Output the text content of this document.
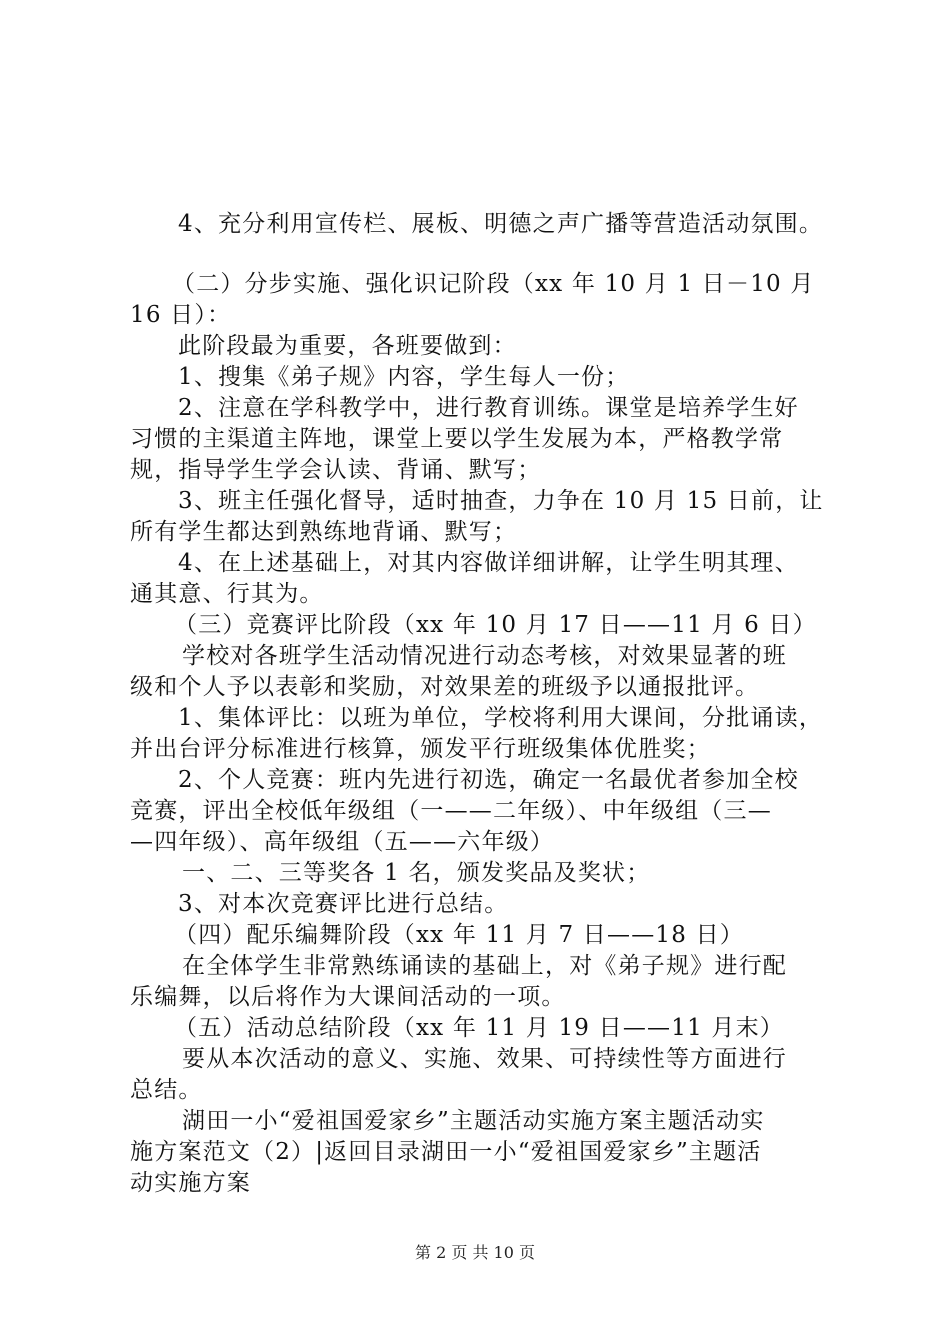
4、充分利用宣传栏、展板、明德之声广播等营造活动氛围。
（二）分步实施、强化识记阶段（xx 年 10 月 1 日－10 月
16 日）：
此阶段最为重要，各班要做到：
1、搜集《弟子规》内容，学生每人一份；
2、注意在学科教学中，进行教育训练。课堂是培养学生好
习惯的主渠道主阵地，课堂上要以学生发展为本，严格教学常
规，指导学生学会认读、背诵、默写；
3、班主任强化督导，适时抽查，力争在 10 月 15 日前，让
所有学生都达到熟练地背诵、默写；
4、在上述基础上，对其内容做详细讲解，让学生明其理、
通其意、行其为。
（三）竞赛评比阶段（xx 年 10 月 17 日——11 月 6 日）
学校对各班学生活动情况进行动态考核，对效果显著的班
级和个人予以表彰和奖励，对效果差的班级予以通报批评。
1、集体评比：以班为单位，学校将利用大课间，分批诵读，
并出台评分标准进行核算，颁发平行班级集体优胜奖；
2、个人竞赛：班内先进行初选，确定一名最优者参加全校
竞赛，评出全校低年级组（一——二年级）、中年级组（三—
—四年级）、高年级组（五——六年级）
一、二、三等奖各 1 名，颁发奖品及奖状；
3、对本次竞赛评比进行总结。
（四）配乐编舞阶段（xx 年 11 月 7 日——18 日）
在全体学生非常熟练诵读的基础上，对《弟子规》进行配
乐编舞，以后将作为大课间活动的一项。
（五）活动总结阶段（xx 年 11 月 19 日——11 月末）
要从本次活动的意义、实施、效果、可持续性等方面进行
总结。
湖田一小“爱祖国爱家乡”主题活动实施方案主题活动实
施方案范文（2）|返回目录湖田一小“爱祖国爱家乡”主题活
动实施方案
第 2 页 共 10 页
